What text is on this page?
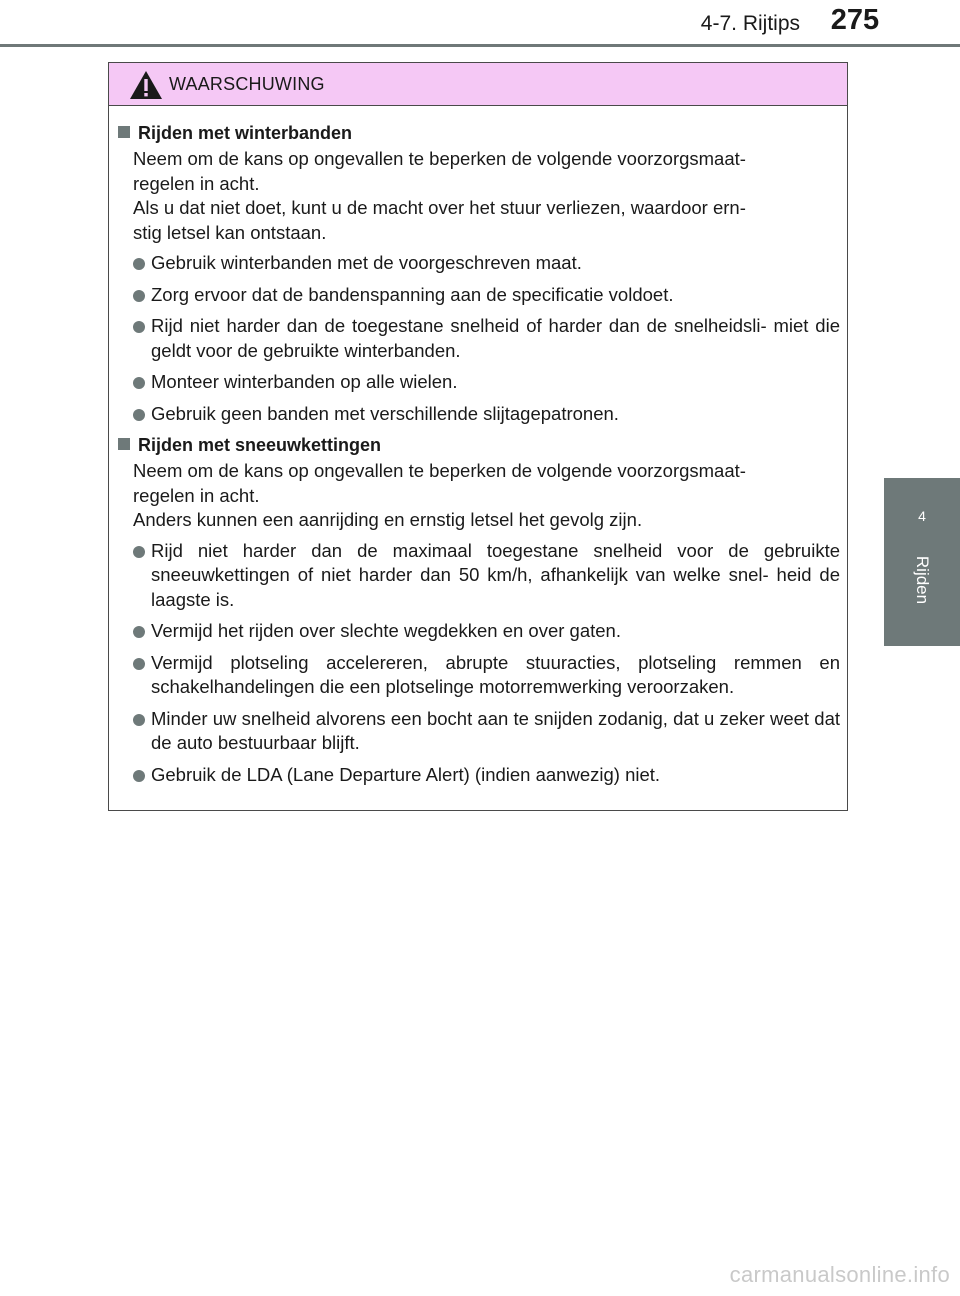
4-7. Rijtips	275
4
Rijden
WAARSCHUWING
Rijden met winterbanden
Neem om de kans op ongevallen te beperken de volgende voorzorgsmaat-
regelen in acht.
Als u dat niet doet, kunt u de macht over het stuur verliezen, waardoor ern-
stig letsel kan ontstaan.
Gebruik winterbanden met de voorgeschreven maat.
Zorg ervoor dat de bandenspanning aan de specificatie voldoet.
Rijd niet harder dan de toegestane snelheid of harder dan de snelheidsli- miet die geldt voor de gebruikte winterbanden.
Monteer winterbanden op alle wielen.
Gebruik geen banden met verschillende slijtagepatronen.
Rijden met sneeuwkettingen
Neem om de kans op ongevallen te beperken de volgende voorzorgsmaat-
regelen in acht.
Anders kunnen een aanrijding en ernstig letsel het gevolg zijn.
Rijd niet harder dan de maximaal toegestane snelheid voor de gebruikte sneeuwkettingen of niet harder dan 50 km/h, afhankelijk van welke snel- heid de laagste is.
Vermijd het rijden over slechte wegdekken en over gaten.
Vermijd plotseling accelereren, abrupte stuuracties, plotseling remmen en schakelhandelingen die een plotselinge motorremwerking veroorzaken.
Minder uw snelheid alvorens een bocht aan te snijden zodanig, dat u zeker weet dat de auto bestuurbaar blijft.
Gebruik de LDA (Lane Departure Alert) (indien aanwezig) niet.
carmanualsonline.info
